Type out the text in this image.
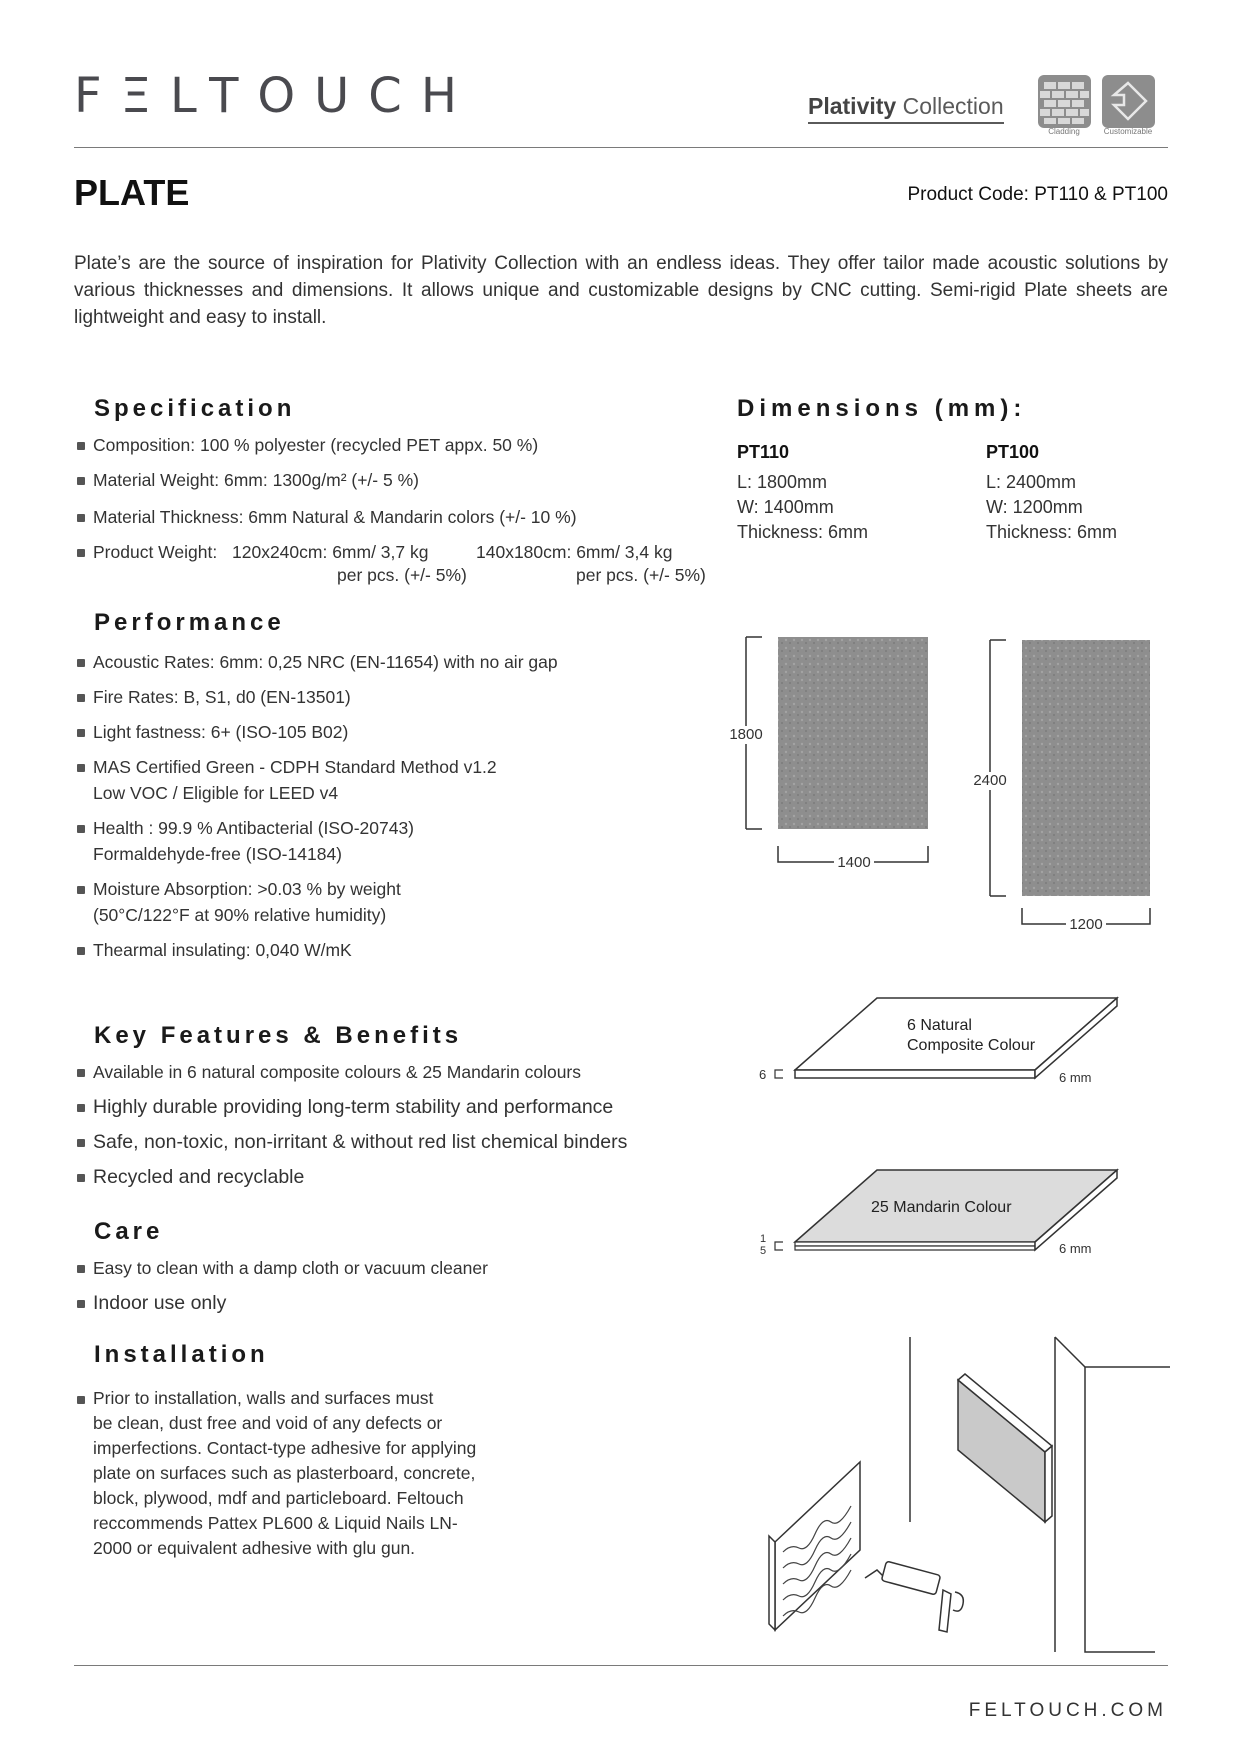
FΞLTOUCH	Plativity Collection
Cladding	Customizable
PLATE	Product Code: PT110 & PT100
Plate’s are the source of inspiration for Plativity Collection with an endless ideas. They offer tailor made acoustic solutions by various thicknesses and dimensions. It allows unique and customizable designs by CNC cutting. Semi-rigid Plate sheets are lightweight and easy to install.
Specification
Composition: 100 % polyester (recycled PET appx. 50 %)
Material Weight: 6mm: 1300g/m² (+/- 5 %)
Material Thickness: 6mm Natural & Mandarin colors (+/- 10 %)
Product Weight: 120x240cm: 6mm/ 3,7 kg
per pcs. (+/- 5%)
140x180cm: 6mm/ 3,4 kg
per pcs. (+/- 5%)
Performance
Acoustic Rates: 6mm: 0,25 NRC (EN-11654) with no air gap
Fire Rates: B, S1, d0 (EN-13501)
Light fastness: 6+ (ISO-105 B02)
MAS Certified Green - CDPH Standard Method v1.2
Low VOC / Eligible for LEED v4
Health : 99.9 % Antibacterial (ISO-20743)
Formaldehyde-free (ISO-14184)
Moisture Absorption: >0.03 % by weight
(50°C/122°F at 90% relative humidity)
Thearmal insulating: 0,040 W/mK
Key Features & Benefits
Available in 6 natural composite colours & 25 Mandarin colours
Highly durable providing long-term stability and performance
Safe, non-toxic, non-irritant & without red list chemical binders
Recycled and recyclable
Care
Easy to clean with a damp cloth or vacuum cleaner
Indoor use only
Installation
Prior to installation, walls and surfaces must
be clean, dust free and void of any defects or
imperfections. Contact-type adhesive for applying
plate on surfaces such as plasterboard, concrete,
block, plywood, mdf and particleboard. Feltouch
reccommends Pattex PL600 & Liquid Nails LN-
2000 or equivalent adhesive with glu gun.
Dimensions (mm):
PT110
L: 1800mm
W: 1400mm
Thickness: 6mm
PT100
L: 2400mm
W: 1200mm
Thickness: 6mm
1800
1400
2400
1200
6
6 Natural
Composite Colour
6 mm
1
5
25 Mandarin Colour
6 mm
FELTOUCH.COM
